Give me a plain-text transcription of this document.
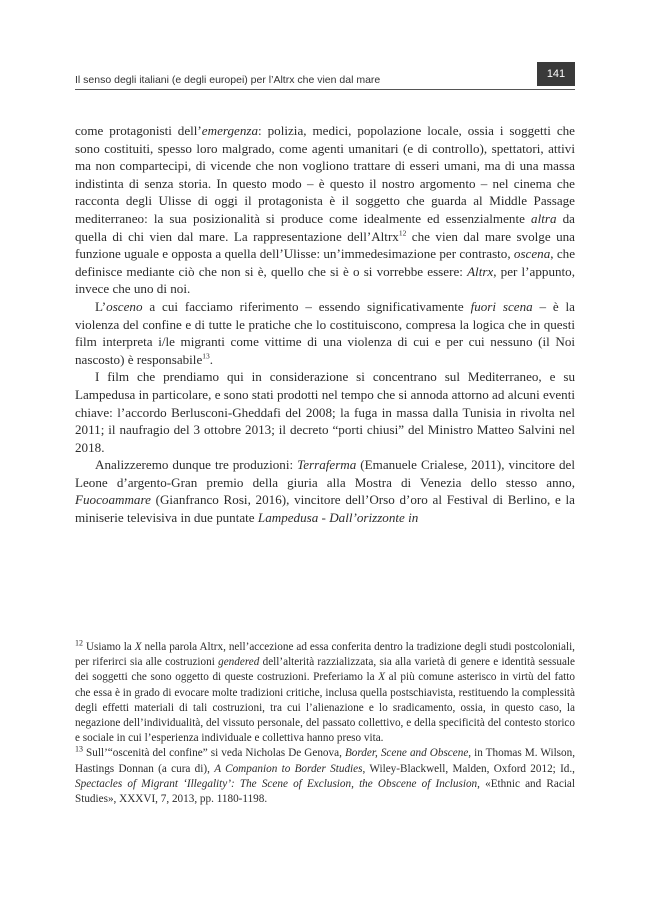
Il senso degli italiani (e degli europei) per l’Altrx che vien dal mare	141

come protagonisti dell’emergenza: polizia, medici, popolazione locale, ossia i soggetti che sono costituiti, spesso loro malgrado, come agenti umanitari (e di controllo), spettatori, attivi ma non compartecipi, di vicende che non vogliono trattare di esseri umani, ma di una massa indistinta di senza storia. In questo modo – è questo il nostro argomento – nel cinema che racconta degli Ulisse di oggi il protagonista è il soggetto che guarda al Middle Passage mediterraneo: la sua posizionalità si produce come idealmente ed essenzialmente altra da quella di chi vien dal mare. La rappresentazione dell’Altrx$^{12}$ che vien dal mare svolge una funzione uguale e opposta a quella dell’Ulisse: un’immedesimazione per contrasto, oscena, che definisce mediante ciò che non si è, quello che si è o si vorrebbe essere: Altrx, per l’appunto, invece che uno di noi.

L’osceno a cui facciamo riferimento – essendo significativamente fuori scena – è la violenza del confine e di tutte le pratiche che lo costituiscono, compresa la logica che in questi film interpreta i/le migranti come vittime di una violenza di cui e per cui nessuno (il Noi nascosto) è responsabile$^{13}$.

I film che prendiamo qui in considerazione si concentrano sul Mediterraneo, e su Lampedusa in particolare, e sono stati prodotti nel tempo che si annoda attorno ad alcuni eventi chiave: l’accordo Berlusconi-Gheddafi del 2008; la fuga in massa dalla Tunisia in rivolta nel 2011; il naufragio del 3 ottobre 2013; il decreto “porti chiusi” del Ministro Matteo Salvini nel 2018.

Analizzeremo dunque tre produzioni: Terraferma (Emanuele Crialese, 2011), vincitore del Leone d’argento-Gran premio della giuria alla Mostra di Venezia dello stesso anno, Fuocoammare (Gianfranco Rosi, 2016), vincitore dell’Orso d’oro al Festival di Berlino, e la miniserie televisiva in due puntate Lampedusa - Dall’orizzonte in

$^{12}$ Usiamo la X nella parola Altrx, nell’accezione ad essa conferita dentro la tradizione degli studi postcoloniali, per riferirci sia alle costruzioni gendered dell’alterità razzializzata, sia alla varietà di genere e identità sessuale dei soggetti che sono oggetto di queste costruzioni. Preferiamo la X al più comune asterisco in virtù del fatto che essa è in grado di evocare molte tradizioni critiche, inclusa quella postschiavista, restituendo la complessità degli effetti materiali di tali costruzioni, tra cui l’alienazione e lo sradicamento, ossia, in questo caso, la negazione dell’individualità, del vissuto personale, del passato collettivo, e della specificità del contesto storico e sociale in cui l’esperienza individuale e collettiva hanno preso vita.

$^{13}$ Sull’“oscenità del confine” si veda Nicholas De Genova, Border, Scene and Obscene, in Thomas M. Wilson, Hastings Donnan (a cura di), A Companion to Border Studies, Wiley-Blackwell, Malden, Oxford 2012; Id., Spectacles of Migrant ‘Illegality’: The Scene of Exclusion, the Obscene of Inclusion, «Ethnic and Racial Studies», XXXVI, 7, 2013, pp. 1180-1198.
